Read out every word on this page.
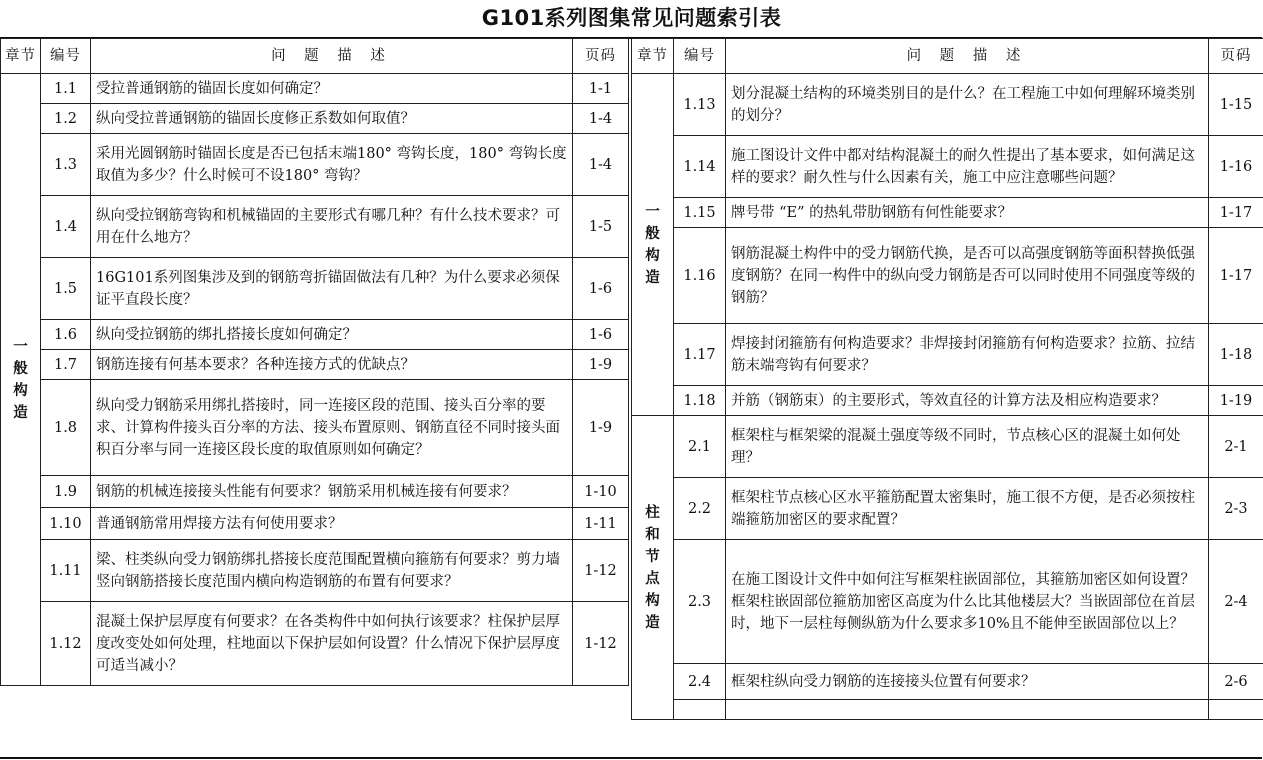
G101系列图集常见问题索引表
章节	编号	问 题 描 述	页码
一般构造	1.1	受拉普通钢筋的锚固长度如何确定？	1-1
	1.2	纵向受拉普通钢筋的锚固长度修正系数如何取值？	1-4
	1.3	采用光圆钢筋时锚固长度是否已包括末端180° 弯钩长度，180° 弯钩长度取值为多少？什么时候可不设180° 弯钩？	1-4
	1.4	纵向受拉钢筋弯钩和机械锚固的主要形式有哪几种？有什么技术要求？可用在什么地方？	1-5
	1.5	16G101系列图集涉及到的钢筋弯折锚固做法有几种？为什么要求必须保证平直段长度？	1-6
	1.6	纵向受拉钢筋的绑扎搭接长度如何确定？	1-6
	1.7	钢筋连接有何基本要求？各种连接方式的优缺点？	1-9
	1.8	纵向受力钢筋采用绑扎搭接时，同一连接区段的范围、接头百分率的要求、计算构件接头百分率的方法、接头布置原则、钢筋直径不同时接头面积百分率与同一连接区段长度的取值原则如何确定？	1-9
	1.9	钢筋的机械连接接头性能有何要求？钢筋采用机械连接有何要求？	1-10
	1.10	普通钢筋常用焊接方法有何使用要求？	1-11
	1.11	梁、柱类纵向受力钢筋绑扎搭接长度范围配置横向箍筋有何要求？剪力墙竖向钢筋搭接长度范围内横向构造钢筋的布置有何要求？	1-12
	1.12	混凝土保护层厚度有何要求？在各类构件中如何执行该要求？柱保护层厚度改变处如何处理，柱地面以下保护层如何设置？什么情况下保护层厚度可适当减小？	1-12
章节	编号	问 题 描 述	页码
一般构造	1.13	划分混凝土结构的环境类别目的是什么？在工程施工中如何理解环境类别的划分？	1-15
	1.14	施工图设计文件中都对结构混凝土的耐久性提出了基本要求，如何满足这样的要求？耐久性与什么因素有关，施工中应注意哪些问题？	1-16
	1.15	牌号带 “E” 的热轧带肋钢筋有何性能要求？	1-17
	1.16	钢筋混凝土构件中的受力钢筋代换，是否可以高强度钢筋等面积替换低强度钢筋？在同一构件中的纵向受力钢筋是否可以同时使用不同强度等级的钢筋？	1-17
	1.17	焊接封闭箍筋有何构造要求？非焊接封闭箍筋有何构造要求？拉筋、拉结筋末端弯钩有何要求？	1-18
	1.18	并筋（钢筋束）的主要形式，等效直径的计算方法及相应构造要求？	1-19
柱和节点构造	2.1	框架柱与框架梁的混凝土强度等级不同时，节点核心区的混凝土如何处理？	2-1
	2.2	框架柱节点核心区水平箍筋配置太密集时，施工很不方便，是否必须按柱端箍筋加密区的要求配置？	2-3
	2.3	在施工图设计文件中如何注写框架柱嵌固部位，其箍筋加密区如何设置？框架柱嵌固部位箍筋加密区高度为什么比其他楼层大？当嵌固部位在首层时，地下一层柱每侧纵筋为什么要求多10%且不能伸至嵌固部位以上？	2-4
	2.4	框架柱纵向受力钢筋的连接接头位置有何要求？	2-6
